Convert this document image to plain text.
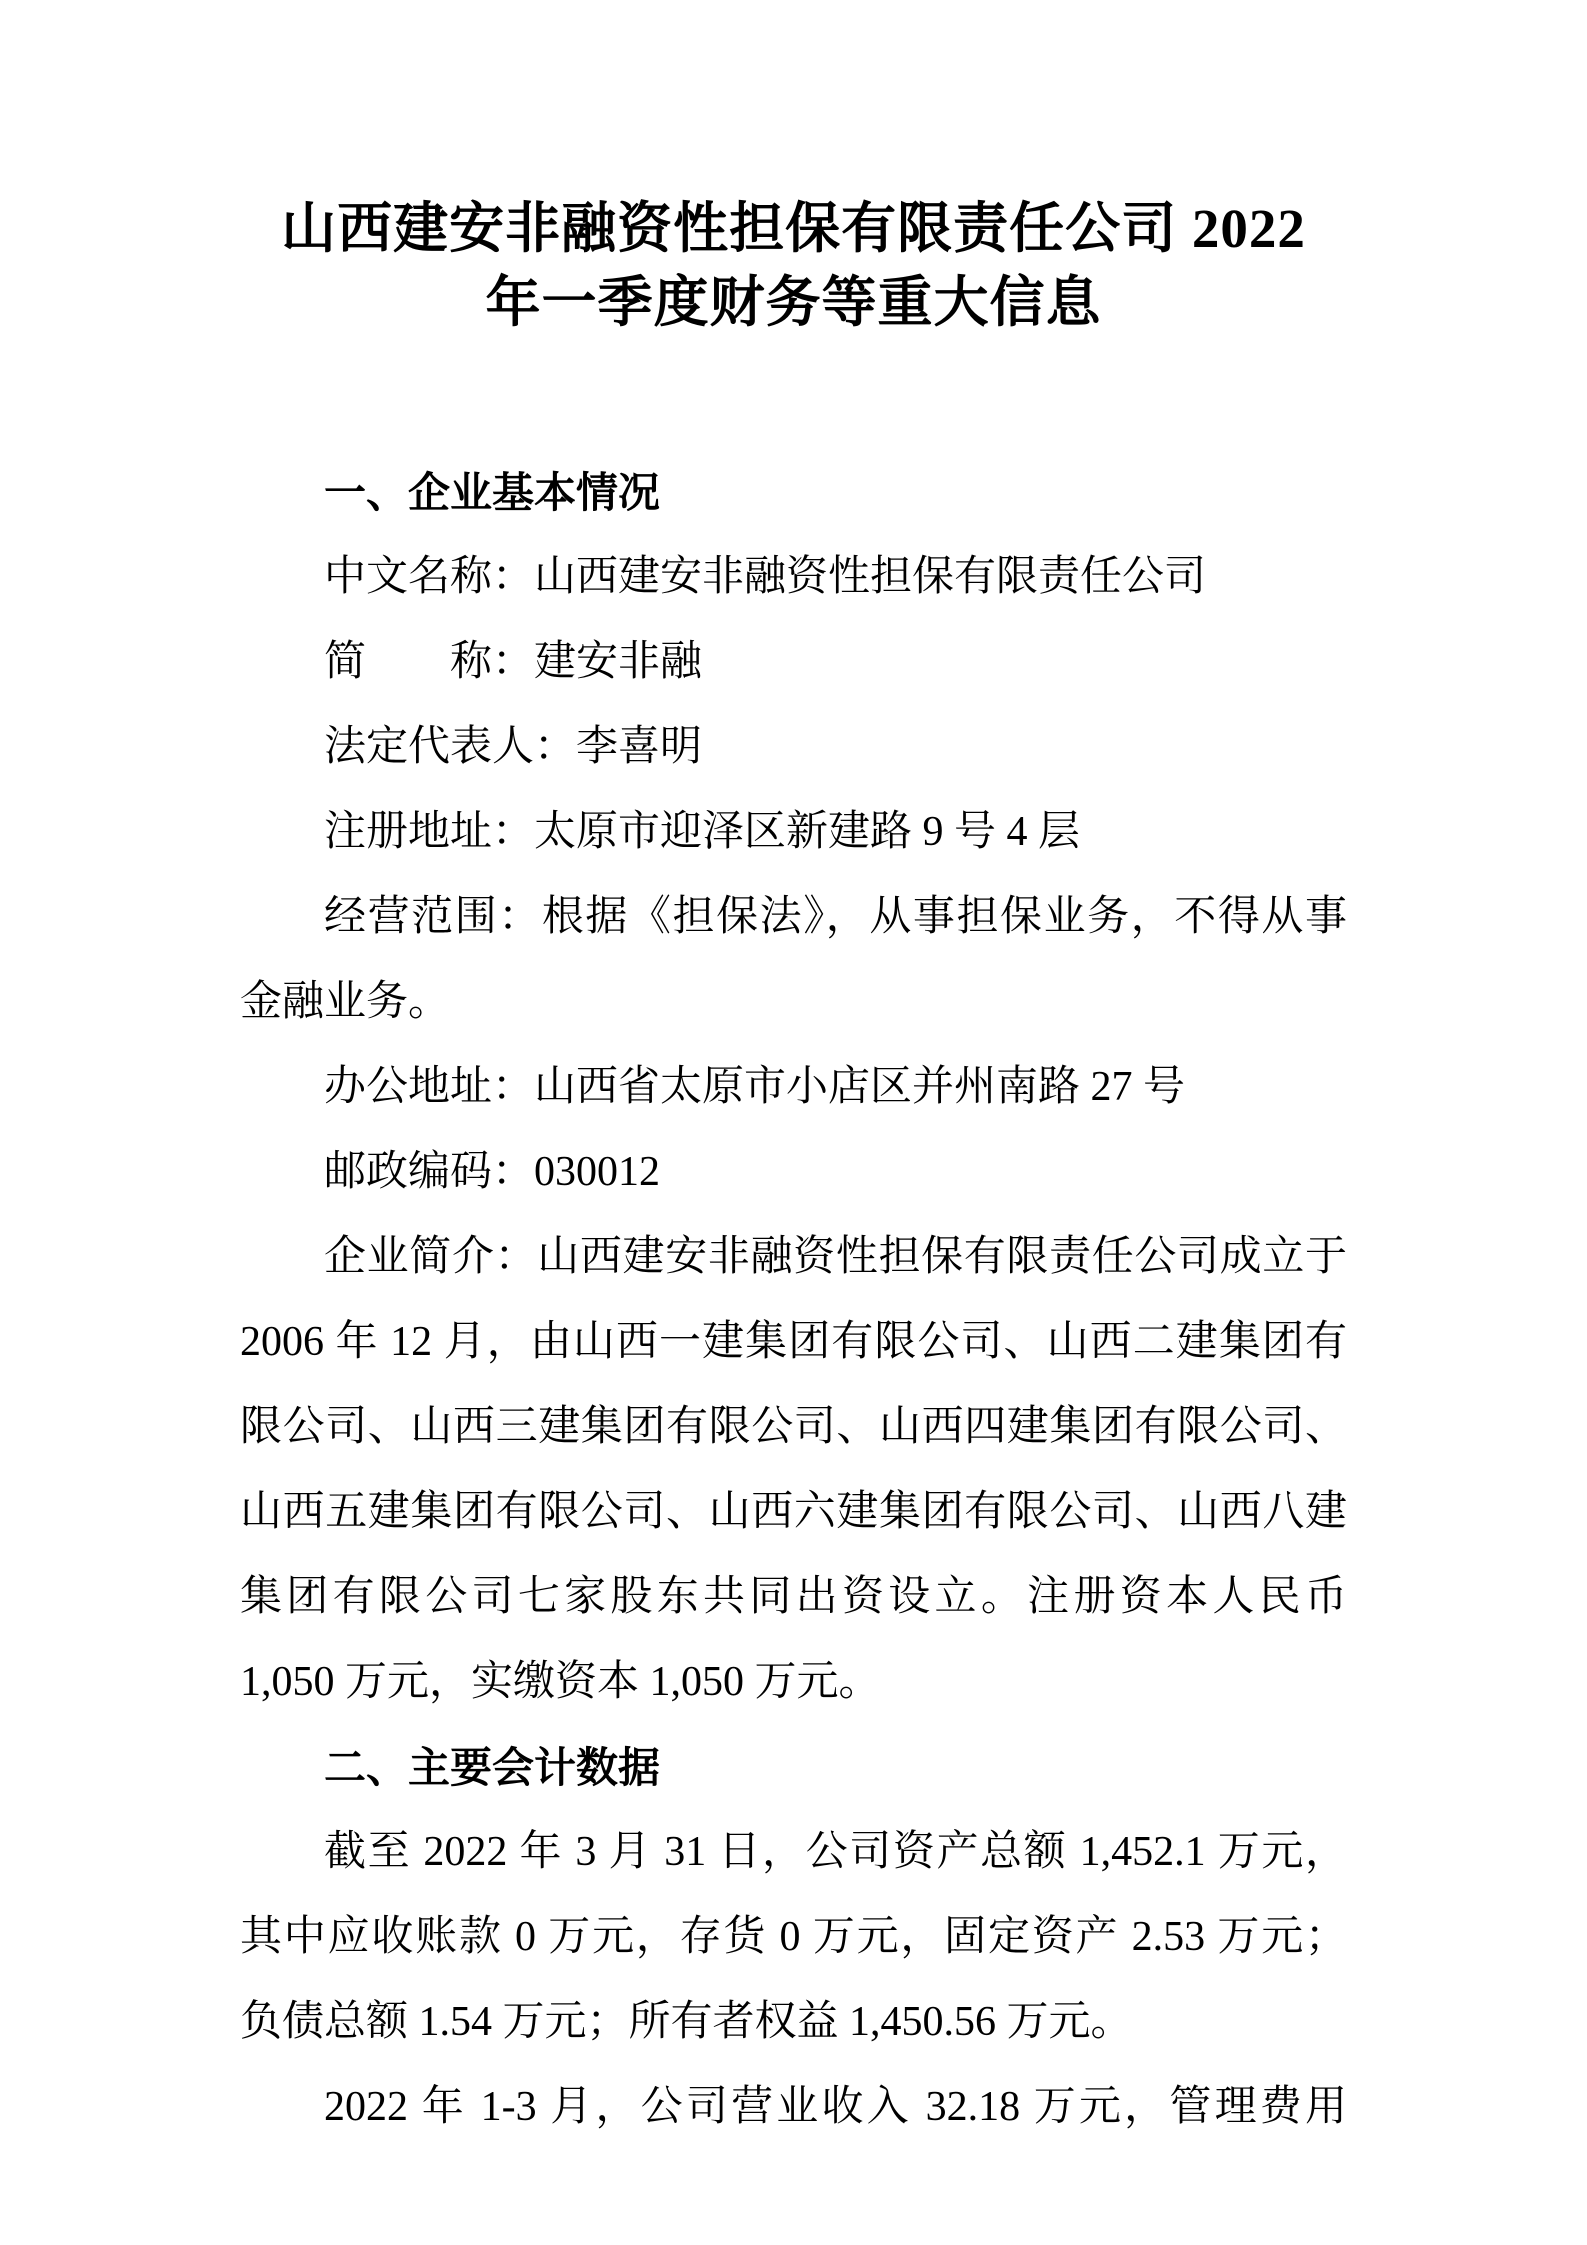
山西建安非融资性担保有限责任公司 2022
年一季度财务等重大信息
一、企业基本情况
中文名称：山西建安非融资性担保有限责任公司
简　　称：建安非融
法定代表人：李喜明
注册地址：太原市迎泽区新建路 9 号 4 层
经营范围：根据《担保法》，从事担保业务，不得从事
金融业务。
办公地址：山西省太原市小店区并州南路 27 号
邮政编码：030012
企业简介：山西建安非融资性担保有限责任公司成立于
2006 年 12 月，由山西一建集团有限公司、山西二建集团有
限公司、山西三建集团有限公司、山西四建集团有限公司、
山西五建集团有限公司、山西六建集团有限公司、山西八建
集团有限公司七家股东共同出资设立。注册资本人民币
1,050 万元，实缴资本 1,050 万元。
二、主要会计数据
截至 2022 年 3 月 31 日，公司资产总额 1,452.1 万元，
其中应收账款 0 万元，存货 0 万元，固定资产 2.53 万元；
负债总额 1.54 万元；所有者权益 1,450.56 万元。
2022 年 1-3 月，公司营业收入 32.18 万元，管理费用
